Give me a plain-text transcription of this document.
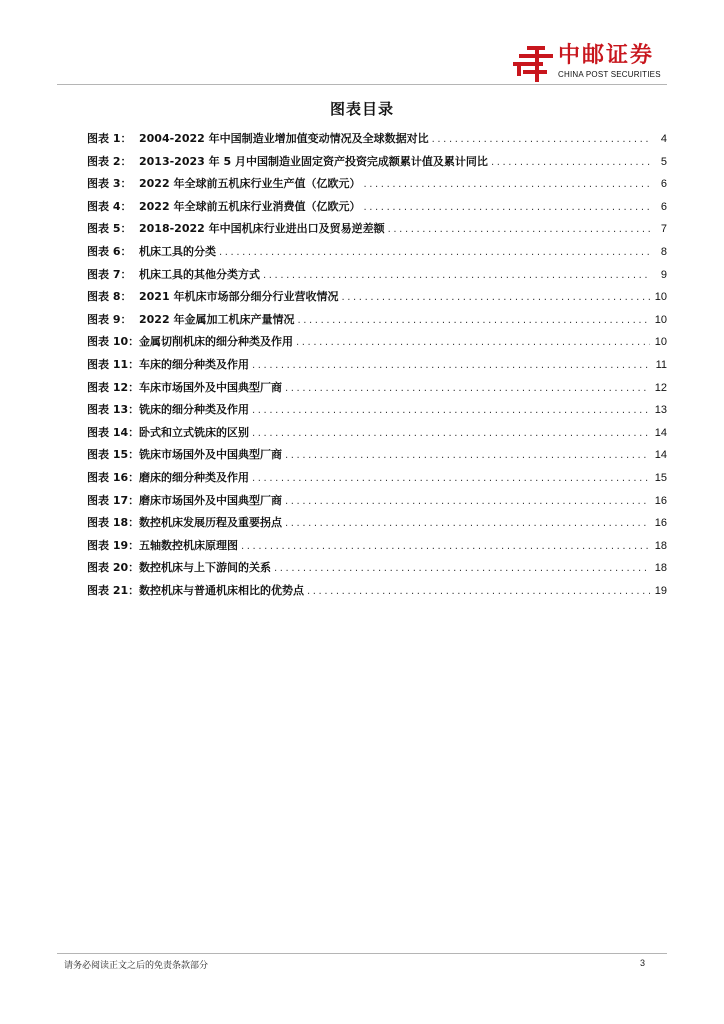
中邮证券
CHINA POST SECURITIES
图表目录
图表 1： 2004-2022 年中国制造业增加值变动情况及全球数据对比 .....	4
图表 2： 2013-2023 年 5 月中国制造业固定资产投资完成额累计值及累计同比 .....	5
图表 3： 2022 年全球前五机床行业生产值（亿欧元） .....	6
图表 4： 2022 年全球前五机床行业消费值（亿欧元） .....	6
图表 5： 2018-2022 年中国机床行业进出口及贸易逆差额 .....	7
图表 6： 机床工具的分类 .....	8
图表 7： 机床工具的其他分类方式 .....	9
图表 8： 2021 年机床市场部分细分行业营收情况 .....	10
图表 9： 2022 年金属加工机床产量情况 .....	10
图表 10： 金属切削机床的细分种类及作用 .....	10
图表 11： 车床的细分种类及作用 .....	11
图表 12： 车床市场国外及中国典型厂商 .....	12
图表 13： 铣床的细分种类及作用 .....	13
图表 14： 卧式和立式铣床的区别 .....	14
图表 15： 铣床市场国外及中国典型厂商 .....	14
图表 16： 磨床的细分种类及作用 .....	15
图表 17： 磨床市场国外及中国典型厂商 .....	16
图表 18： 数控机床发展历程及重要拐点 .....	16
图表 19： 五轴数控机床原理图 .....	18
图表 20： 数控机床与上下游间的关系 .....	18
图表 21： 数控机床与普通机床相比的优势点 .....	19
请务必阅读正文之后的免责条款部分	3
